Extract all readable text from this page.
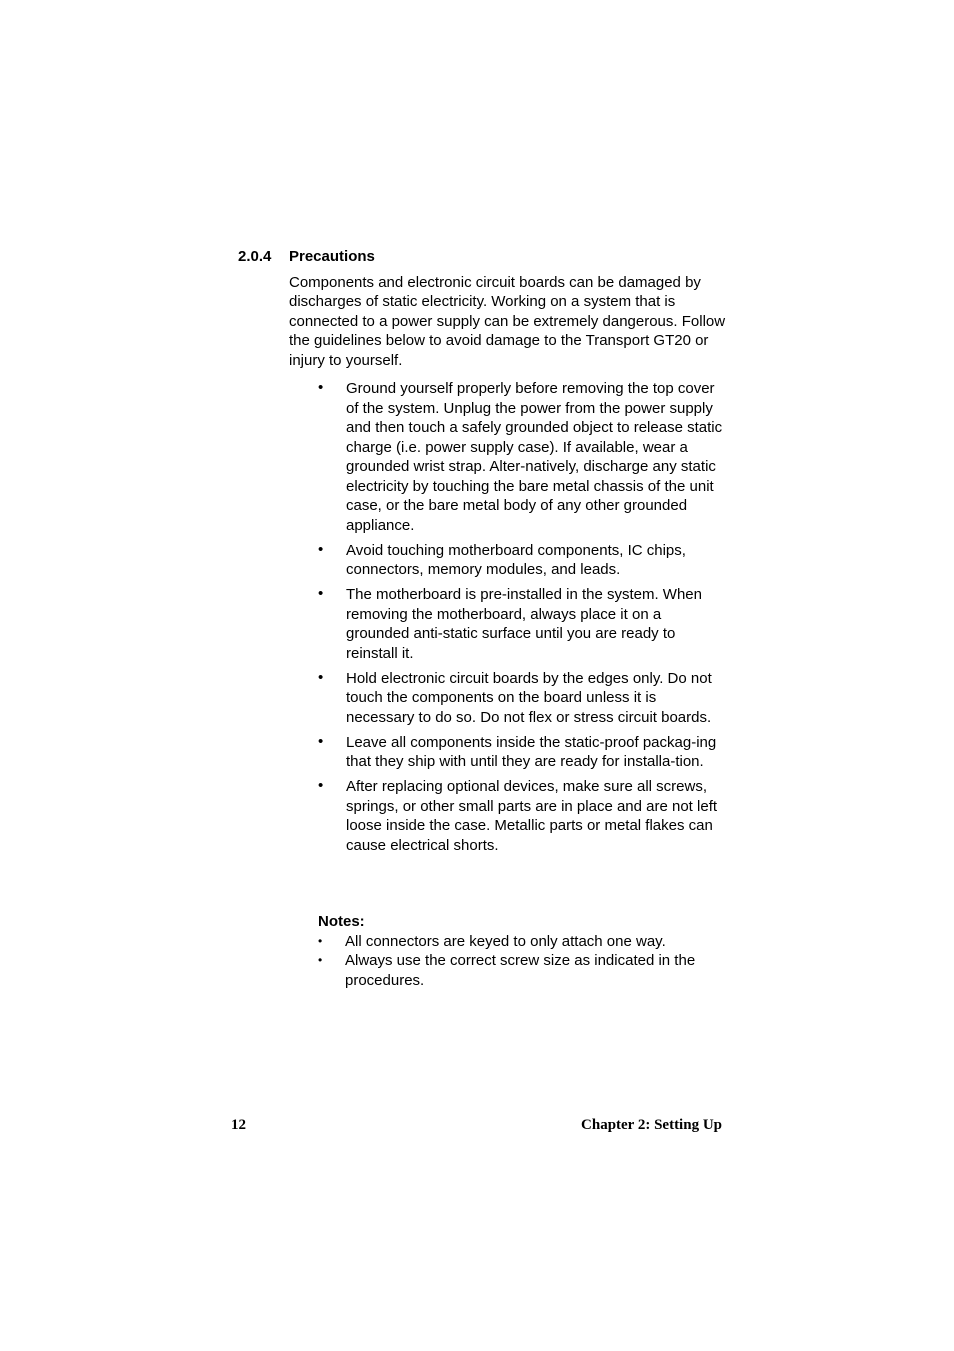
2.0.4 Precautions

Components and electronic circuit boards can be damaged by discharges of static electricity. Working on a system that is connected to a power supply can be extremely dangerous. Follow the guidelines below to avoid damage to the Transport GT20 or injury to yourself.

• Ground yourself properly before removing the top cover of the system. Unplug the power from the power supply and then touch a safely grounded object to release static charge (i.e. power supply case). If available, wear a grounded wrist strap. Alter-natively, discharge any static electricity by touching the bare metal chassis of the unit case, or the bare metal body of any other grounded appliance.
• Avoid touching motherboard components, IC chips, connectors, memory modules, and leads.
• The motherboard is pre-installed in the system. When removing the motherboard, always place it on a grounded anti-static surface until you are ready to reinstall it.
• Hold electronic circuit boards by the edges only. Do not touch the components on the board unless it is necessary to do so. Do not flex or stress circuit boards.
• Leave all components inside the static-proof packag-ing that they ship with until they are ready for installa-tion.
• After replacing optional devices, make sure all screws, springs, or other small parts are in place and are not left loose inside the case. Metallic parts or metal flakes can cause electrical shorts.
Notes:
• All connectors are keyed to only attach one way.
• Always use the correct screw size as indicated in the procedures.
12	Chapter 2: Setting Up
